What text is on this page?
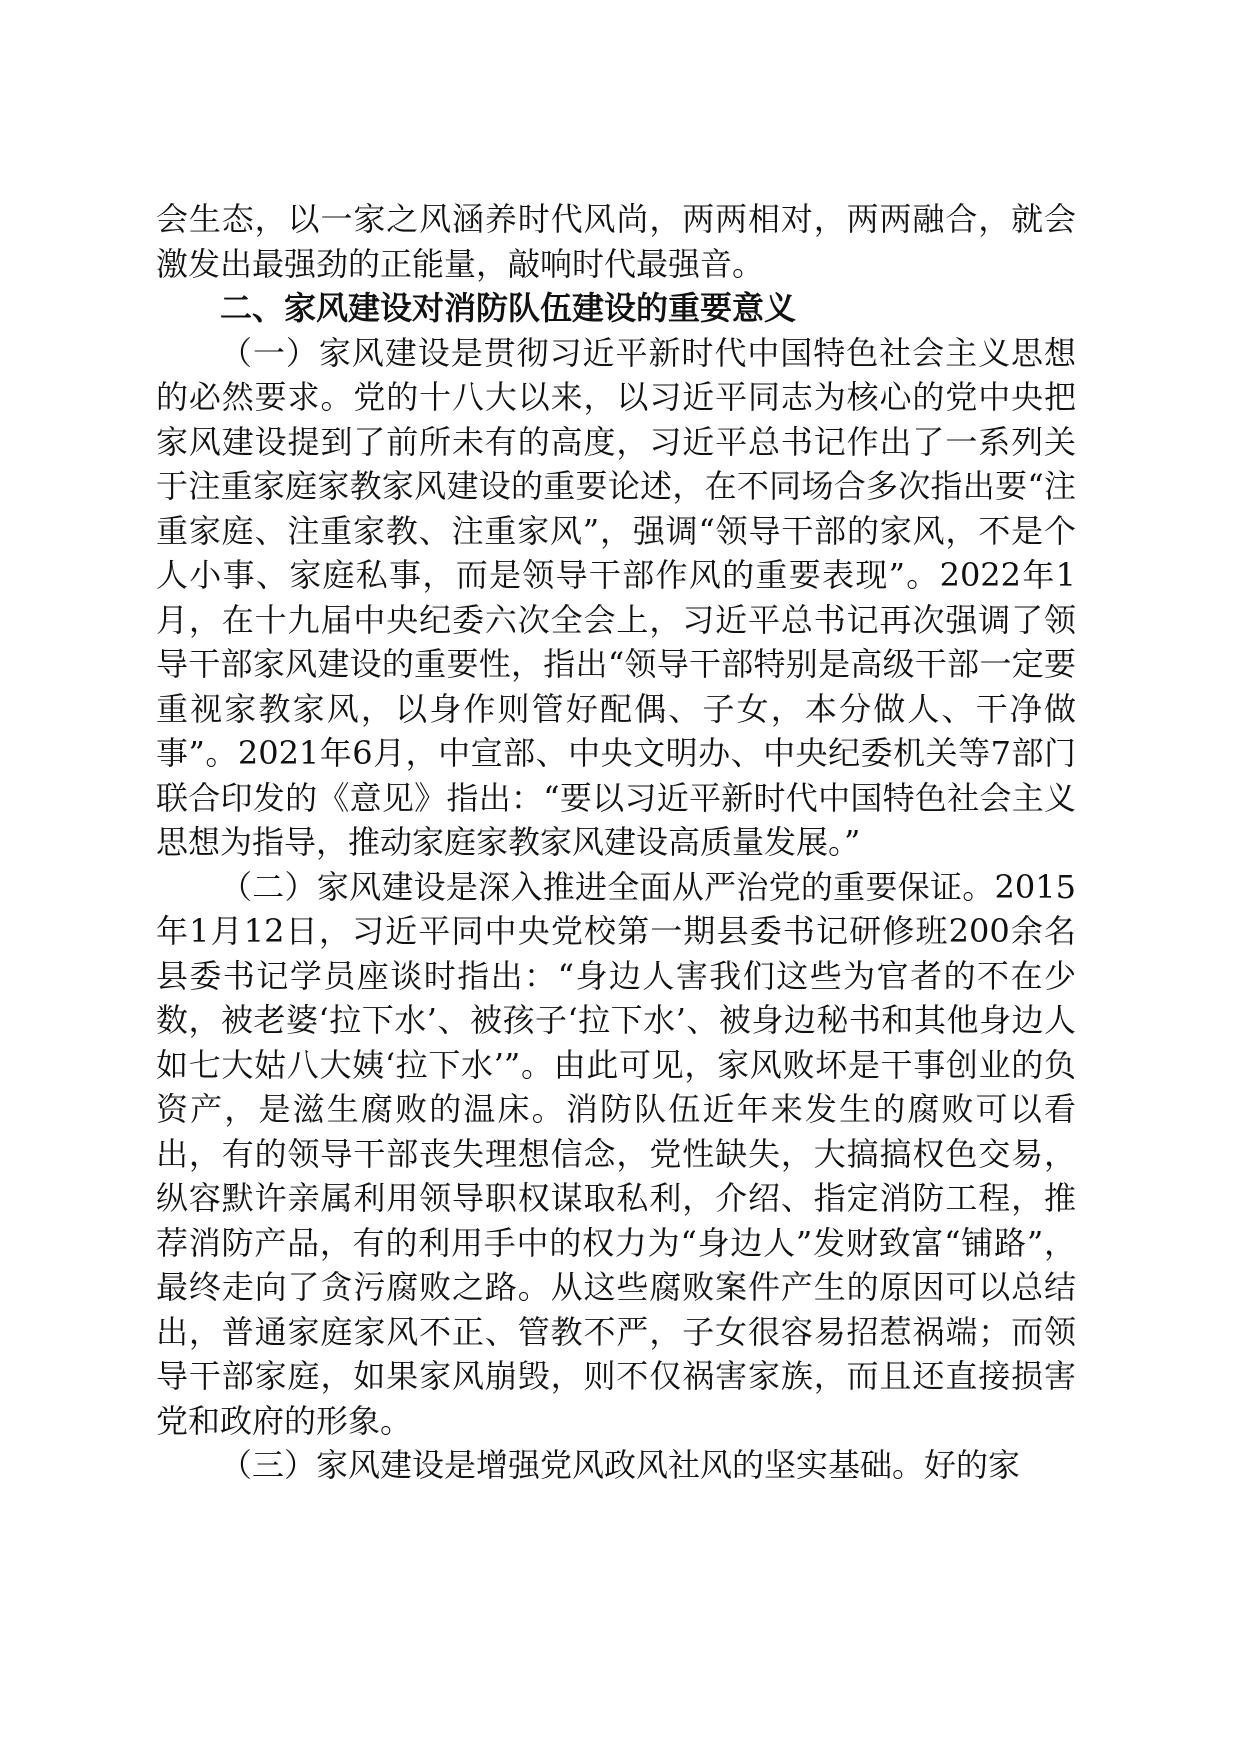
会生态，以一家之风涵养时代风尚，两两相对，两两融合，就会激发出最强劲的正能量，敲响时代最强音。

二、家风建设对消防队伍建设的重要意义

（一）家风建设是贯彻习近平新时代中国特色社会主义思想的必然要求。党的十八大以来，以习近平同志为核心的党中央把家风建设提到了前所未有的高度，习近平总书记作出了一系列关于注重家庭家教家风建设的重要论述，在不同场合多次指出要“注重家庭、注重家教、注重家风”，强调“领导干部的家风，不是个人小事、家庭私事，而是领导干部作风的重要表现”。2022年1月，在十九届中央纪委六次全会上，习近平总书记再次强调了领导干部家风建设的重要性，指出“领导干部特别是高级干部一定要重视家教家风，以身作则管好配偶、子女，本分做人、干净做事”。2021年6月，中宣部、中央文明办、中央纪委机关等7部门联合印发的《意见》指出：“要以习近平新时代中国特色社会主义思想为指导，推动家庭家教家风建设高质量发展。”

（二）家风建设是深入推进全面从严治党的重要保证。2015年1月12日，习近平同中央党校第一期县委书记研修班200余名县委书记学员座谈时指出：“身边人害我们这些为官者的不在少数，被老婆‘拉下水’、被孩子‘拉下水’、被身边秘书和其他身边人如七大姑八大姨‘拉下水’”。由此可见，家风败坏是干事创业的负资产，是滋生腐败的温床。消防队伍近年来发生的腐败可以看出，有的领导干部丧失理想信念，党性缺失，大搞搞权色交易，纵容默许亲属利用领导职权谋取私利，介绍、指定消防工程，推荐消防产品，有的利用手中的权力为“身边人”发财致富“铺路”，最终走向了贪污腐败之路。从这些腐败案件产生的原因可以总结出，普通家庭家风不正、管教不严，子女很容易招惹祸端；而领导干部家庭，如果家风崩毁，则不仅祸害家族，而且还直接损害党和政府的形象。

（三）家风建设是增强党风政风社风的坚实基础。好的家
